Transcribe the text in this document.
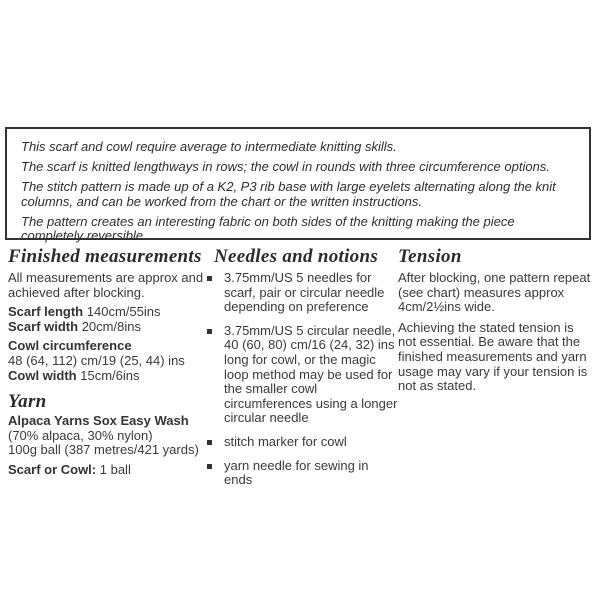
This scarf and cowl require average to intermediate knitting skills.

The scarf is knitted lengthways in rows; the cowl in rounds with three circumference options.

The stitch pattern is made up of a K2, P3 rib base with large eyelets alternating along the knit columns, and can be worked from the chart or the written instructions.

The pattern creates an interesting fabric on both sides of the knitting making the piece completely reversible.

Finished measurements

All measurements are approx and achieved after blocking.

Scarf length 140cm/55ins
Scarf width 20cm/8ins

Cowl circumference
48 (64, 112) cm/19 (25, 44) ins
Cowl width 15cm/6ins

Yarn

Alpaca Yarns Sox Easy Wash
(70% alpaca, 30% nylon)
100g ball (387 metres/421 yards)

Scarf or Cowl: 1 ball

Needles and notions
3.75mm/US 5 needles for scarf, pair or circular needle depending on preference
3.75mm/US 5 circular needle, 40 (60, 80) cm/16 (24, 32) ins long for cowl, or the magic loop method may be used for the smaller cowl circumferences using a longer circular needle
stitch marker for cowl
yarn needle for sewing in ends
Tension

After blocking, one pattern repeat (see chart) measures approx 4cm/2½ins wide.

Achieving the stated tension is not essential. Be aware that the finished measurements and yarn usage may vary if your tension is not as stated.
